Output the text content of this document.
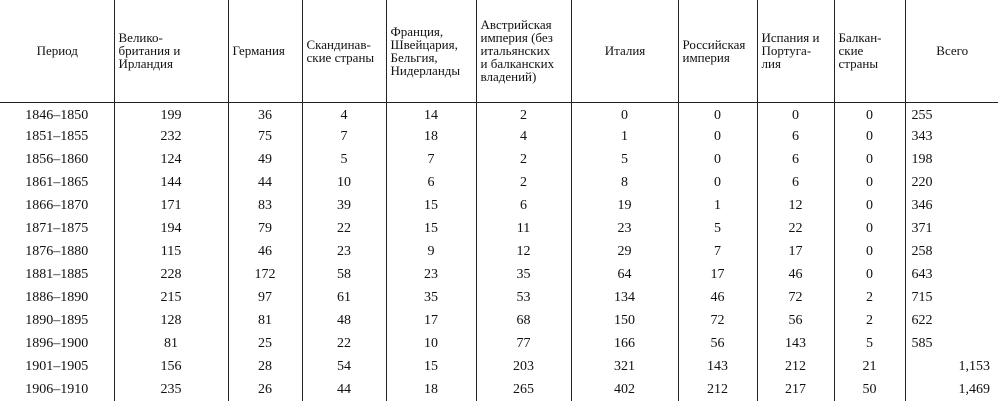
Период	Велико-
британия и
Ирландия	Германия	Скандинав-
ские страны	Франция,
Швейцария,
Бельгия,
Нидерланды	Австрийская
империя (без
итальянских
и балканских
владений)	Италия	Российская
империя	Испания и
Португа-
лия	Балкан-
ские
страны	Всего
1846–1850	199	36	4	14	2	0	0	0	0	255
1851–1855	232	75	7	18	4	1	0	6	0	343
1856–1860	124	49	5	7	2	5	0	6	0	198
1861–1865	144	44	10	6	2	8	0	6	0	220
1866–1870	171	83	39	15	6	19	1	12	0	346
1871–1875	194	79	22	15	11	23	5	22	0	371
1876–1880	115	46	23	9	12	29	7	17	0	258
1881–1885	228	172	58	23	35	64	17	46	0	643
1886–1890	215	97	61	35	53	134	46	72	2	715
1890–1895	128	81	48	17	68	150	72	56	2	622
1896–1900	81	25	22	10	77	166	56	143	5	585
1901–1905	156	28	54	15	203	321	143	212	21	1,153
1906–1910	235	26	44	18	265	402	212	217	50	1,469
